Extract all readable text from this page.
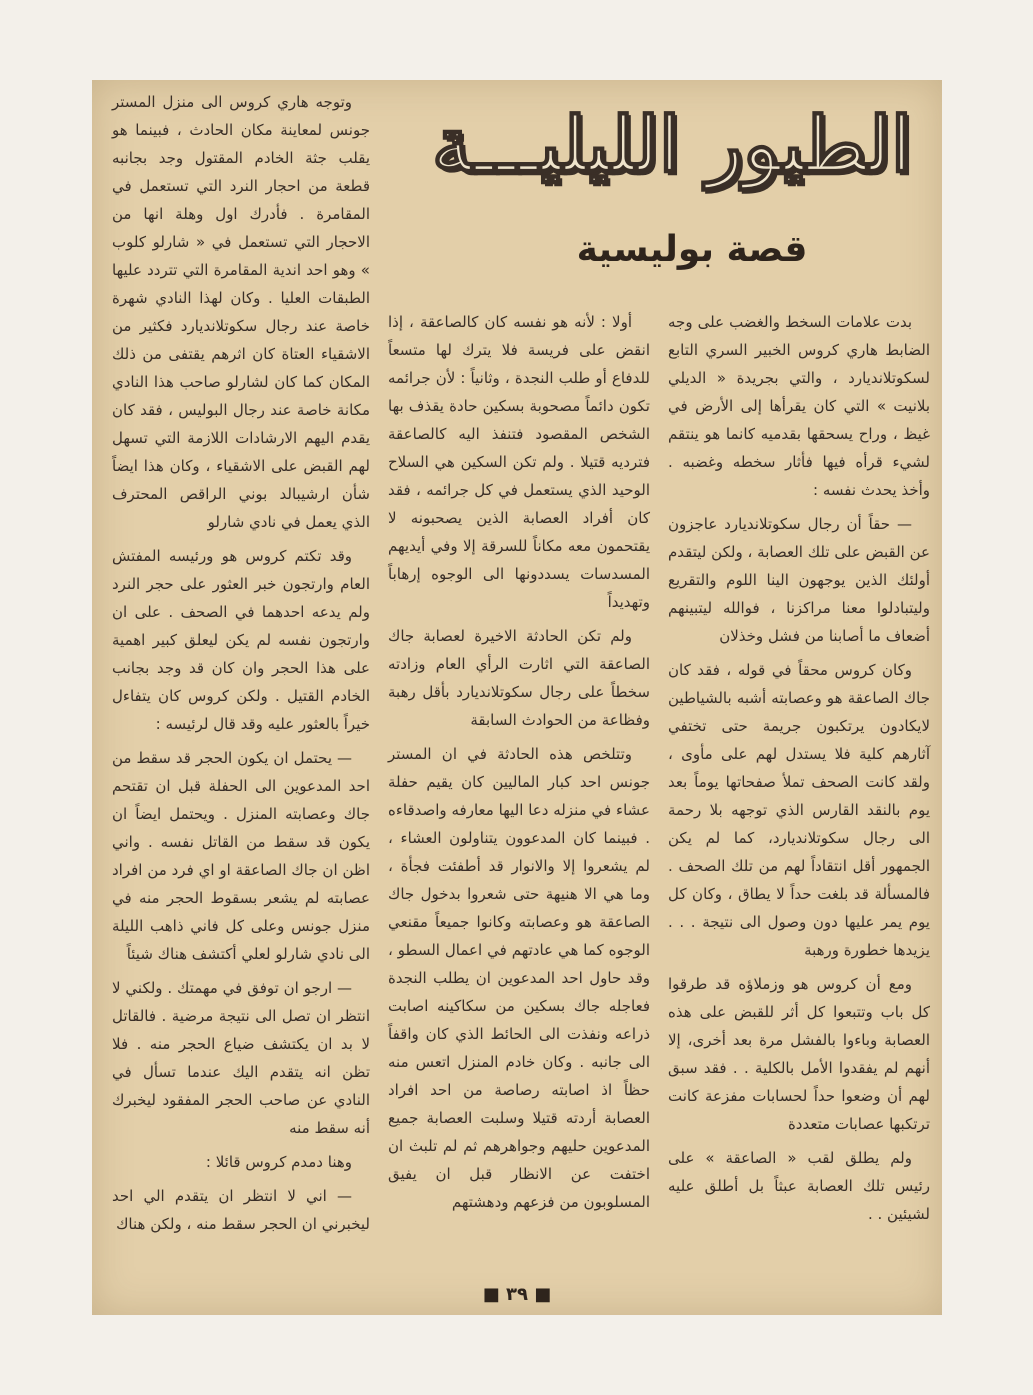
الطيور الليليـــة
قصة بوليسية

بدت علامات السخط والغضب على وجه الضابط هاري كروس الخبير السري التابع لسكوتلانديارد ، والتي بجريدة « الديلي بلانيت » التي كان يقرأها إلى الأرض في غيظ ، وراح يسحقها بقدميه كانما هو ينتقم لشيء قرأه فيها فأثار سخطه وغضبه . وأخذ يحدث نفسه :

— حقاً أن رجال سكوتلانديارد عاجزون عن القبض على تلك العصابة ، ولكن ليتقدم أولئك الذين يوجهون الينا اللوم والتقريع وليتبادلوا معنا مراكزنا ، فوالله ليتبينهم أضعاف ما أصابنا من فشل وخذلان

وكان كروس محقاً في قوله ، فقد كان جاك الصاعقة هو وعصابته أشبه بالشياطين لايكادون يرتكبون جريمة حتى تختفي آثارهم كلية فلا يستدل لهم على مأوى ، ولقد كانت الصحف تملأ صفحاتها يوماً بعد يوم بالنقد القارس الذي توجهه بلا رحمة الى رجال سكوتلانديارد، كما لم يكن الجمهور أقل انتقاداً لهم من تلك الصحف . فالمسألة قد بلغت حداً لا يطاق ، وكان كل يوم يمر عليها دون وصول الى نتيجة . . . يزيدها خطورة ورهبة

ومع أن كروس هو وزملاؤه قد طرقوا كل باب وتتبعوا كل أثر للقبض على هذه العصابة وباءوا بالفشل مرة بعد أخرى، إلا أنهم لم يفقدوا الأمل بالكلية . . فقد سبق لهم أن وضعوا حداً لحسابات مفزعة كانت ترتكبها عصابات متعددة

ولم يطلق لقب « الصاعقة » على رئيس تلك العصابة عبثاً بل أطلق عليه لشيئين . .

أولا : لأنه هو نفسه كان كالصاعقة ، إذا انقض على فريسة فلا يترك لها متسعاً للدفاع أو طلب النجدة ، وثانياً : لأن جرائمه تكون دائماً مصحوبة بسكين حادة يقذف بها الشخص المقصود فتنفذ اليه كالصاعقة فترديه قتيلا . ولم تكن السكين هي السلاح الوحيد الذي يستعمل في كل جرائمه ، فقد كان أفراد العصابة الذين يصحبونه لا يقتحمون معه مكاناً للسرقة إلا وفي أيديهم المسدسات يسددونها الى الوجوه إرهاباً وتهديداً

ولم تكن الحادثة الاخيرة لعصابة جاك الصاعقة التي اثارت الرأي العام وزادته سخطاً على رجال سكوتلانديارد بأقل رهبة وفظاعة من الحوادث السابقة

وتتلخص هذه الحادثة في ان المستر جونس احد كبار الماليين كان يقيم حفلة عشاء في منزله دعا اليها معارفه واصدقاءه . فبينما كان المدعوون يتناولون العشاء ، لم يشعروا إلا والانوار قد أطفئت فجأة ، وما هي الا هنيهة حتى شعروا بدخول جاك الصاعقة هو وعصابته وكانوا جميعاً مقنعي الوجوه كما هي عادتهم في اعمال السطو ، وقد حاول احد المدعوين ان يطلب النجدة فعاجله جاك بسكين من سكاكينه اصابت ذراعه ونفذت الى الحائط الذي كان واقفاً الى جانبه . وكان خادم المنزل اتعس منه حظاً اذ اصابته رصاصة من احد افراد العصابة أردته قتيلا وسلبت العصابة جميع المدعوين حليهم وجواهرهم ثم لم تلبث ان اختفت عن الانظار قبل ان يفيق المسلوبون من فزعهم ودهشتهم

وتوجه هاري كروس الى منزل المستر جونس لمعاينة مكان الحادث ، فبينما هو يقلب جثة الخادم المقتول وجد بجانبه قطعة من احجار النرد التي تستعمل في المقامرة . فأدرك اول وهلة انها من الاحجار التي تستعمل في « شارلو كلوب » وهو احد اندية المقامرة التي تتردد عليها الطبقات العليا . وكان لهذا النادي شهرة خاصة عند رجال سكوتلانديارد فكثير من الاشقياء العتاة كان اثرهم يقتفى من ذلك المكان كما كان لشارلو صاحب هذا النادي مكانة خاصة عند رجال البوليس ، فقد كان يقدم اليهم الارشادات اللازمة التي تسهل لهم القبض على الاشقياء ، وكان هذا ايضاً شأن ارشيبالد بوني الراقص المحترف الذي يعمل في نادي شارلو

وقد تكتم كروس هو ورئيسه المفتش العام وارتجون خبر العثور على حجر النرد ولم يدعه احدهما في الصحف . على ان وارتجون نفسه لم يكن ليعلق كبير اهمية على هذا الحجر وان كان قد وجد بجانب الخادم القتيل . ولكن كروس كان يتفاءل خيراً بالعثور عليه وقد قال لرئيسه :

— يحتمل ان يكون الحجر قد سقط من احد المدعوين الى الحفلة قبل ان تقتحم جاك وعصابته المنزل . ويحتمل ايضاً ان يكون قد سقط من القاتل نفسه . واني اظن ان جاك الصاعقة او اي فرد من افراد عصابته لم يشعر بسقوط الحجر منه في منزل جونس وعلى كل فاني ذاهب الليلة الى نادي شارلو لعلي أكتشف هناك شيئاً

— ارجو ان توفق في مهمتك . ولكني لا انتظر ان تصل الى نتيجة مرضية . فالقاتل لا بد ان يكتشف ضياع الحجر منه . فلا تظن انه يتقدم اليك عندما تسأل في النادي عن صاحب الحجر المفقود ليخبرك أنه سقط منه

وهنا دمدم كروس قائلا :

— اني لا انتظر ان يتقدم الي احد ليخبرني ان الحجر سقط منه ، ولكن هناك

■ ٣٩ ■
